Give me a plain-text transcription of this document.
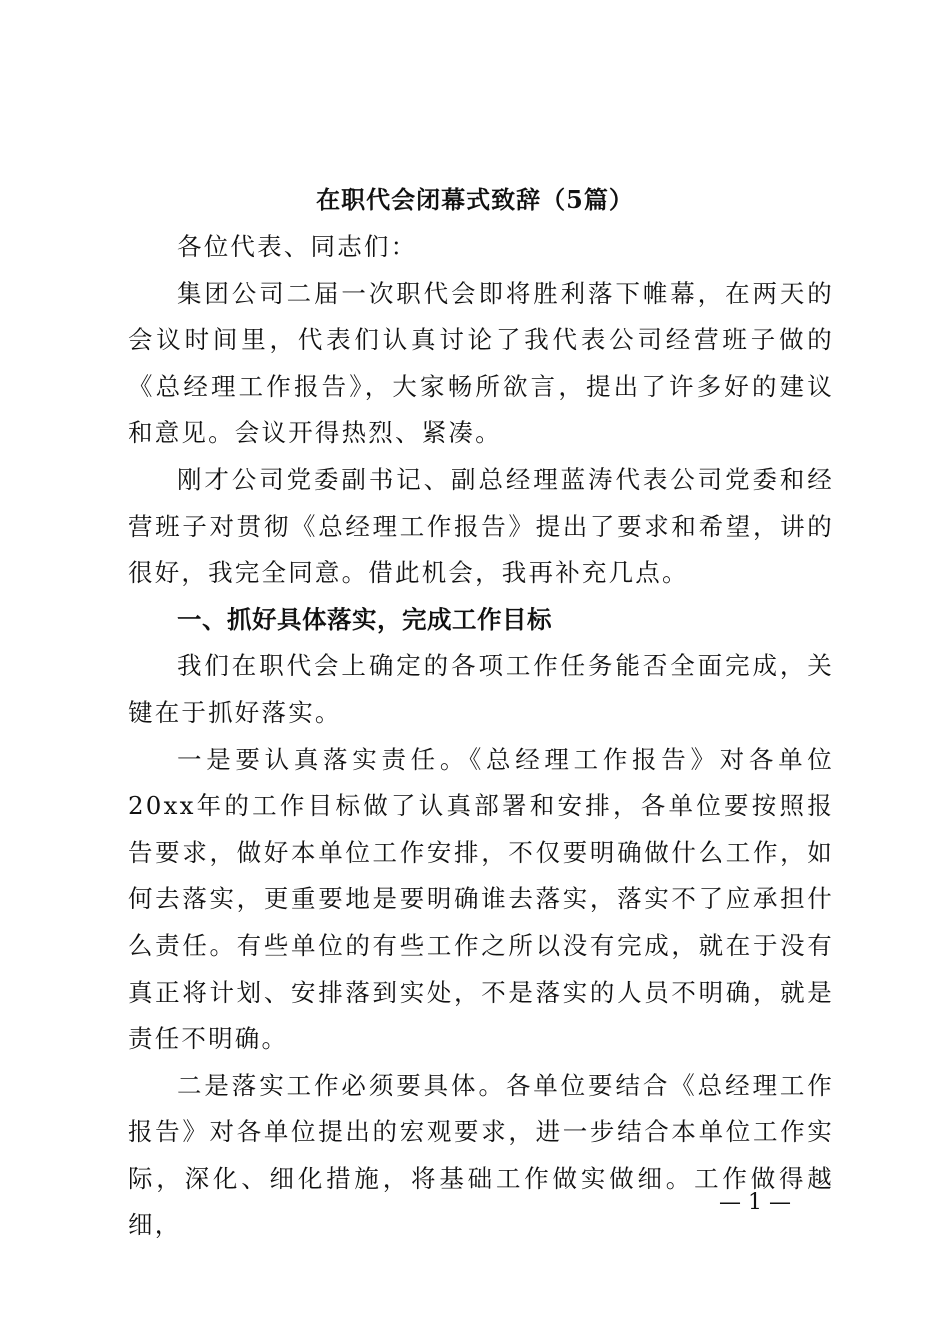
在职代会闭幕式致辞（5篇）

各位代表、同志们：

集团公司二届一次职代会即将胜利落下帷幕，在两天的会议时间里，代表们认真讨论了我代表公司经营班子做的《总经理工作报告》，大家畅所欲言，提出了许多好的建议和意见。会议开得热烈、紧凑。

刚才公司党委副书记、副总经理蓝涛代表公司党委和经营班子对贯彻《总经理工作报告》提出了要求和希望，讲的很好，我完全同意。借此机会，我再补充几点。

一、抓好具体落实，完成工作目标

我们在职代会上确定的各项工作任务能否全面完成，关键在于抓好落实。

一是要认真落实责任。《总经理工作报告》对各单位20xx年的工作目标做了认真部署和安排，各单位要按照报告要求，做好本单位工作安排，不仅要明确做什么工作，如何去落实，更重要地是要明确谁去落实，落实不了应承担什么责任。有些单位的有些工作之所以没有完成，就在于没有真正将计划、安排落到实处，不是落实的人员不明确，就是责任不明确。

二是落实工作必须要具体。各单位要结合《总经理工作报告》对各单位提出的宏观要求，进一步结合本单位工作实际，深化、细化措施，将基础工作做实做细。工作做得越细，

— 1 —
